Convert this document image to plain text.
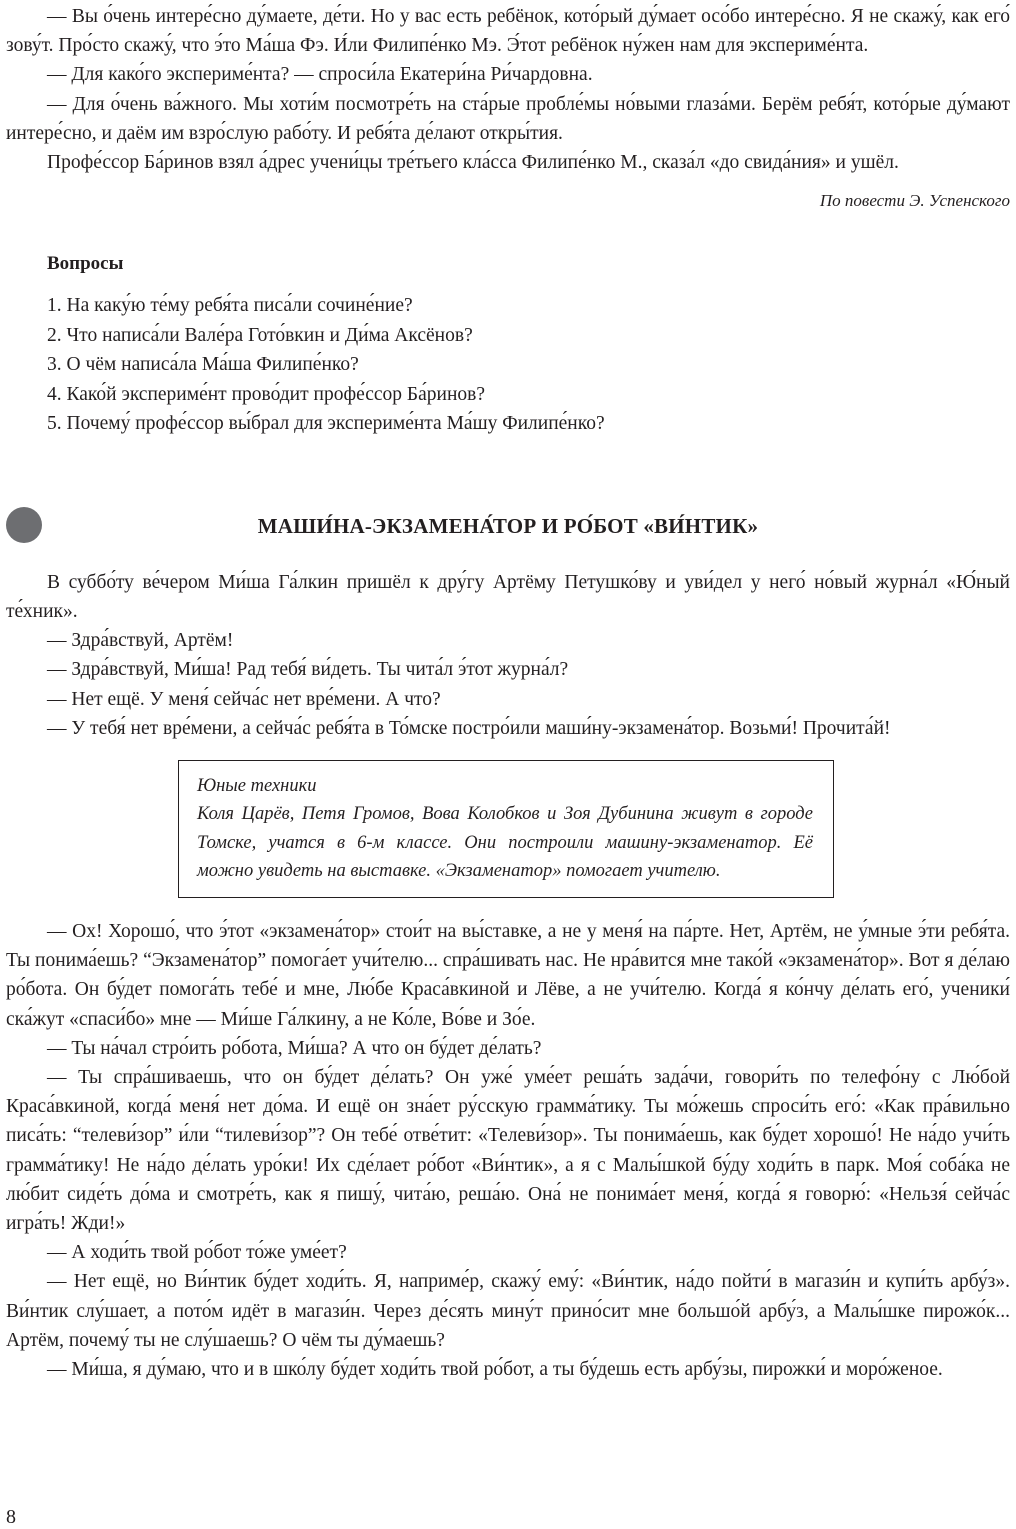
— Вы о́чень интере́сно ду́маете, де́ти. Но у вас есть ребёнок, кото́рый ду́мает осо́бо интере́сно. Я не скажу́, как его́ зову́т. Про́сто скажу́, что э́то Ма́ша Фэ. И́ли Филипе́нко Мэ. Э́тот ребёнок ну́жен нам для экспериме́нта.

— Для како́го экспериме́нта? — спроси́ла Екатери́на Ри́чардовна.

— Для о́чень ва́жного. Мы хоти́м посмотре́ть на ста́рые пробле́мы но́выми глаза́ми. Берём ребя́т, кото́рые ду́мают интере́сно, и даём им взро́слую рабо́ту. И ребя́та де́лают откры́тия.

Профе́ссор Ба́ринов взял а́дрес учени́цы тре́тьего кла́сса Филипе́нко М., сказа́л «до свида́ния» и ушёл.

По повести Э. Успенского

Вопросы
1. На каку́ю те́му ребя́та писа́ли сочине́ние?
2. Что написа́ли Вале́ра Гото́вкин и Ди́ма Аксёнов?
3. О чём написа́ла Ма́ша Филипе́нко?
4. Како́й экспериме́нт прово́дит профе́ссор Ба́ринов?
5. Почему́ профе́ссор вы́брал для экспериме́нта Ма́шу Филипе́нко?
МАШИ́НА-ЭКЗАМЕНА́ТОР И РО́БОТ «ВИ́НТИК»

В суббо́ту ве́чером Ми́ша Га́лкин пришёл к дру́гу Артёму Петушко́ву и уви́дел у него́ но́вый журна́л «Ю́ный те́хник».

— Здра́вствуй, Артём!

— Здра́вствуй, Ми́ша! Рад тебя́ ви́деть. Ты чита́л э́тот журна́л?

— Нет ещё. У меня́ сейча́с нет вре́мени. А что?

— У тебя́ нет вре́мени, а сейча́с ребя́та в То́мске постро́или маши́ну-экзамена́тор. Возьми́! Прочита́й!

Юные техники

Коля Царёв, Петя Громов, Вова Колобков и Зоя Дубинина живут в городе Томске, учатся в 6-м классе. Они построили машину-экзаменатор. Её можно увидеть на выставке. «Экзаменатор» помогает учителю.

— Ох! Хорошо́, что э́тот «экзамена́тор» стои́т на вы́ставке, а не у меня́ на па́рте. Нет, Артём, не у́мные э́ти ребя́та. Ты понима́ешь? “Экзамена́тор” помога́ет учи́телю... спра́шивать нас. Не нра́вится мне тако́й «экзамена́тор». Вот я де́лаю ро́бота. Он бу́дет помога́ть тебе́ и мне, Лю́бе Краса́вкиной и Лёве, а не учи́телю. Когда́ я ко́нчу де́лать его́, ученики́ ска́жут «спаси́бо» мне — Ми́ше Га́лкину, а не Ко́ле, Во́ве и Зо́е.

— Ты на́чал стро́ить ро́бота, Ми́ша? А что он бу́дет де́лать?

— Ты спра́шиваешь, что он бу́дет де́лать? Он уже́ уме́ет реша́ть зада́чи, говори́ть по телефо́ну с Лю́бой Краса́вкиной, когда́ меня́ нет до́ма. И ещё он зна́ет ру́сскую грамма́тику. Ты мо́жешь спроси́ть его́: «Как пра́вильно писа́ть: “телеви́зор” и́ли “тилеви́зор”? Он тебе́ отве́тит: «Телеви́зор». Ты понима́ешь, как бу́дет хорошо́! Не на́до учи́ть грамма́тику! Не на́до де́лать уро́ки! Их сде́лает ро́бот «Ви́нтик», а я с Малы́шкой бу́ду ходи́ть в парк. Моя́ соба́ка не лю́бит сиде́ть до́ма и смотре́ть, как я пишу́, чита́ю, реша́ю. Она́ не понима́ет меня́, когда́ я говорю́: «Нельзя́ сейча́с игра́ть! Жди!»

— А ходи́ть твой ро́бот то́же уме́ет?

— Нет ещё, но Ви́нтик бу́дет ходи́ть. Я, наприме́р, скажу́ ему́: «Ви́нтик, на́до пойти́ в магази́н и купи́ть арбу́з». Ви́нтик слу́шает, а пото́м идёт в магази́н. Через де́сять мину́т прино́сит мне большо́й арбу́з, а Малы́шке пирожо́к... Артём, почему́ ты не слу́шаешь? О чём ты ду́маешь?

— Ми́ша, я ду́маю, что и в шко́лу бу́дет ходи́ть твой ро́бот, а ты бу́дешь есть арбу́зы, пирожки́ и моро́женое.

8
